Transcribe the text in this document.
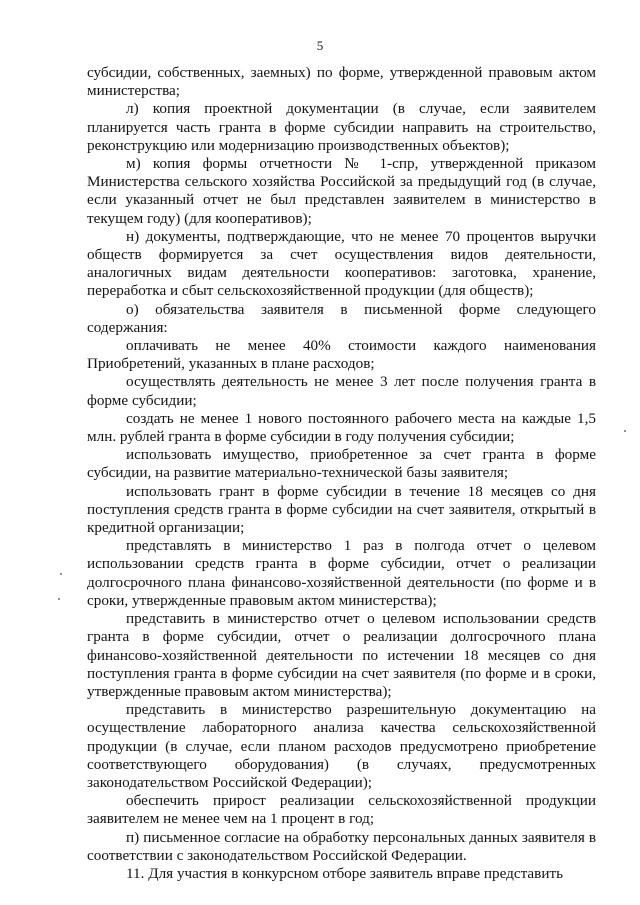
5

субсидии, собственных, заемных) по форме, утвержденной правовым актом министерства;

л) копия проектной документации (в случае, если заявителем планируется часть гранта в форме субсидии направить на строительство, реконструкцию или модернизацию производственных объектов);

м) копия формы отчетности № 1-спр, утвержденной приказом Министерства сельского хозяйства Российской за предыдущий год (в случае, если указанный отчет не был представлен заявителем в министерство в текущем году) (для кооперативов);

н) документы, подтверждающие, что не менее 70 процентов выручки обществ формируется за счет осуществления видов деятельности, аналогичных видам деятельности кооперативов: заготовка, хранение, переработка и сбыт сельскохозяйственной продукции (для обществ);

о) обязательства заявителя в письменной форме следующего содержания:

оплачивать не менее 40% стоимости каждого наименования Приобретений, указанных в плане расходов;

осуществлять деятельность не менее 3 лет после получения гранта в форме субсидии;

создать не менее 1 нового постоянного рабочего места на каждые 1,5 млн. рублей гранта в форме субсидии в году получения субсидии;

использовать имущество, приобретенное за счет гранта в форме субсидии, на развитие материально-технической базы заявителя;

использовать грант в форме субсидии в течение 18 месяцев со дня поступления средств гранта в форме субсидии на счет заявителя, открытый в кредитной организации;

представлять в министерство 1 раз в полгода отчет о целевом использовании средств гранта в форме субсидии, отчет о реализации долгосрочного плана финансово-хозяйственной деятельности (по форме и в сроки, утвержденные правовым актом министерства);

представить в министерство отчет о целевом использовании средств гранта в форме субсидии, отчет о реализации долгосрочного плана финансово-хозяйственной деятельности по истечении 18 месяцев со дня поступления гранта в форме субсидии на счет заявителя (по форме и в сроки, утвержденные правовым актом министерства);

представить в министерство разрешительную документацию на осуществление лабораторного анализа качества сельскохозяйственной продукции (в случае, если планом расходов предусмотрено приобретение соответствующего оборудования) (в случаях, предусмотренных законодательством Российской Федерации);

обеспечить прирост реализации сельскохозяйственной продукции заявителем не менее чем на 1 процент в год;

п) письменное согласие на обработку персональных данных заявителя в соответствии с законодательством Российской Федерации.

11. Для участия в конкурсном отборе заявитель вправе представить
